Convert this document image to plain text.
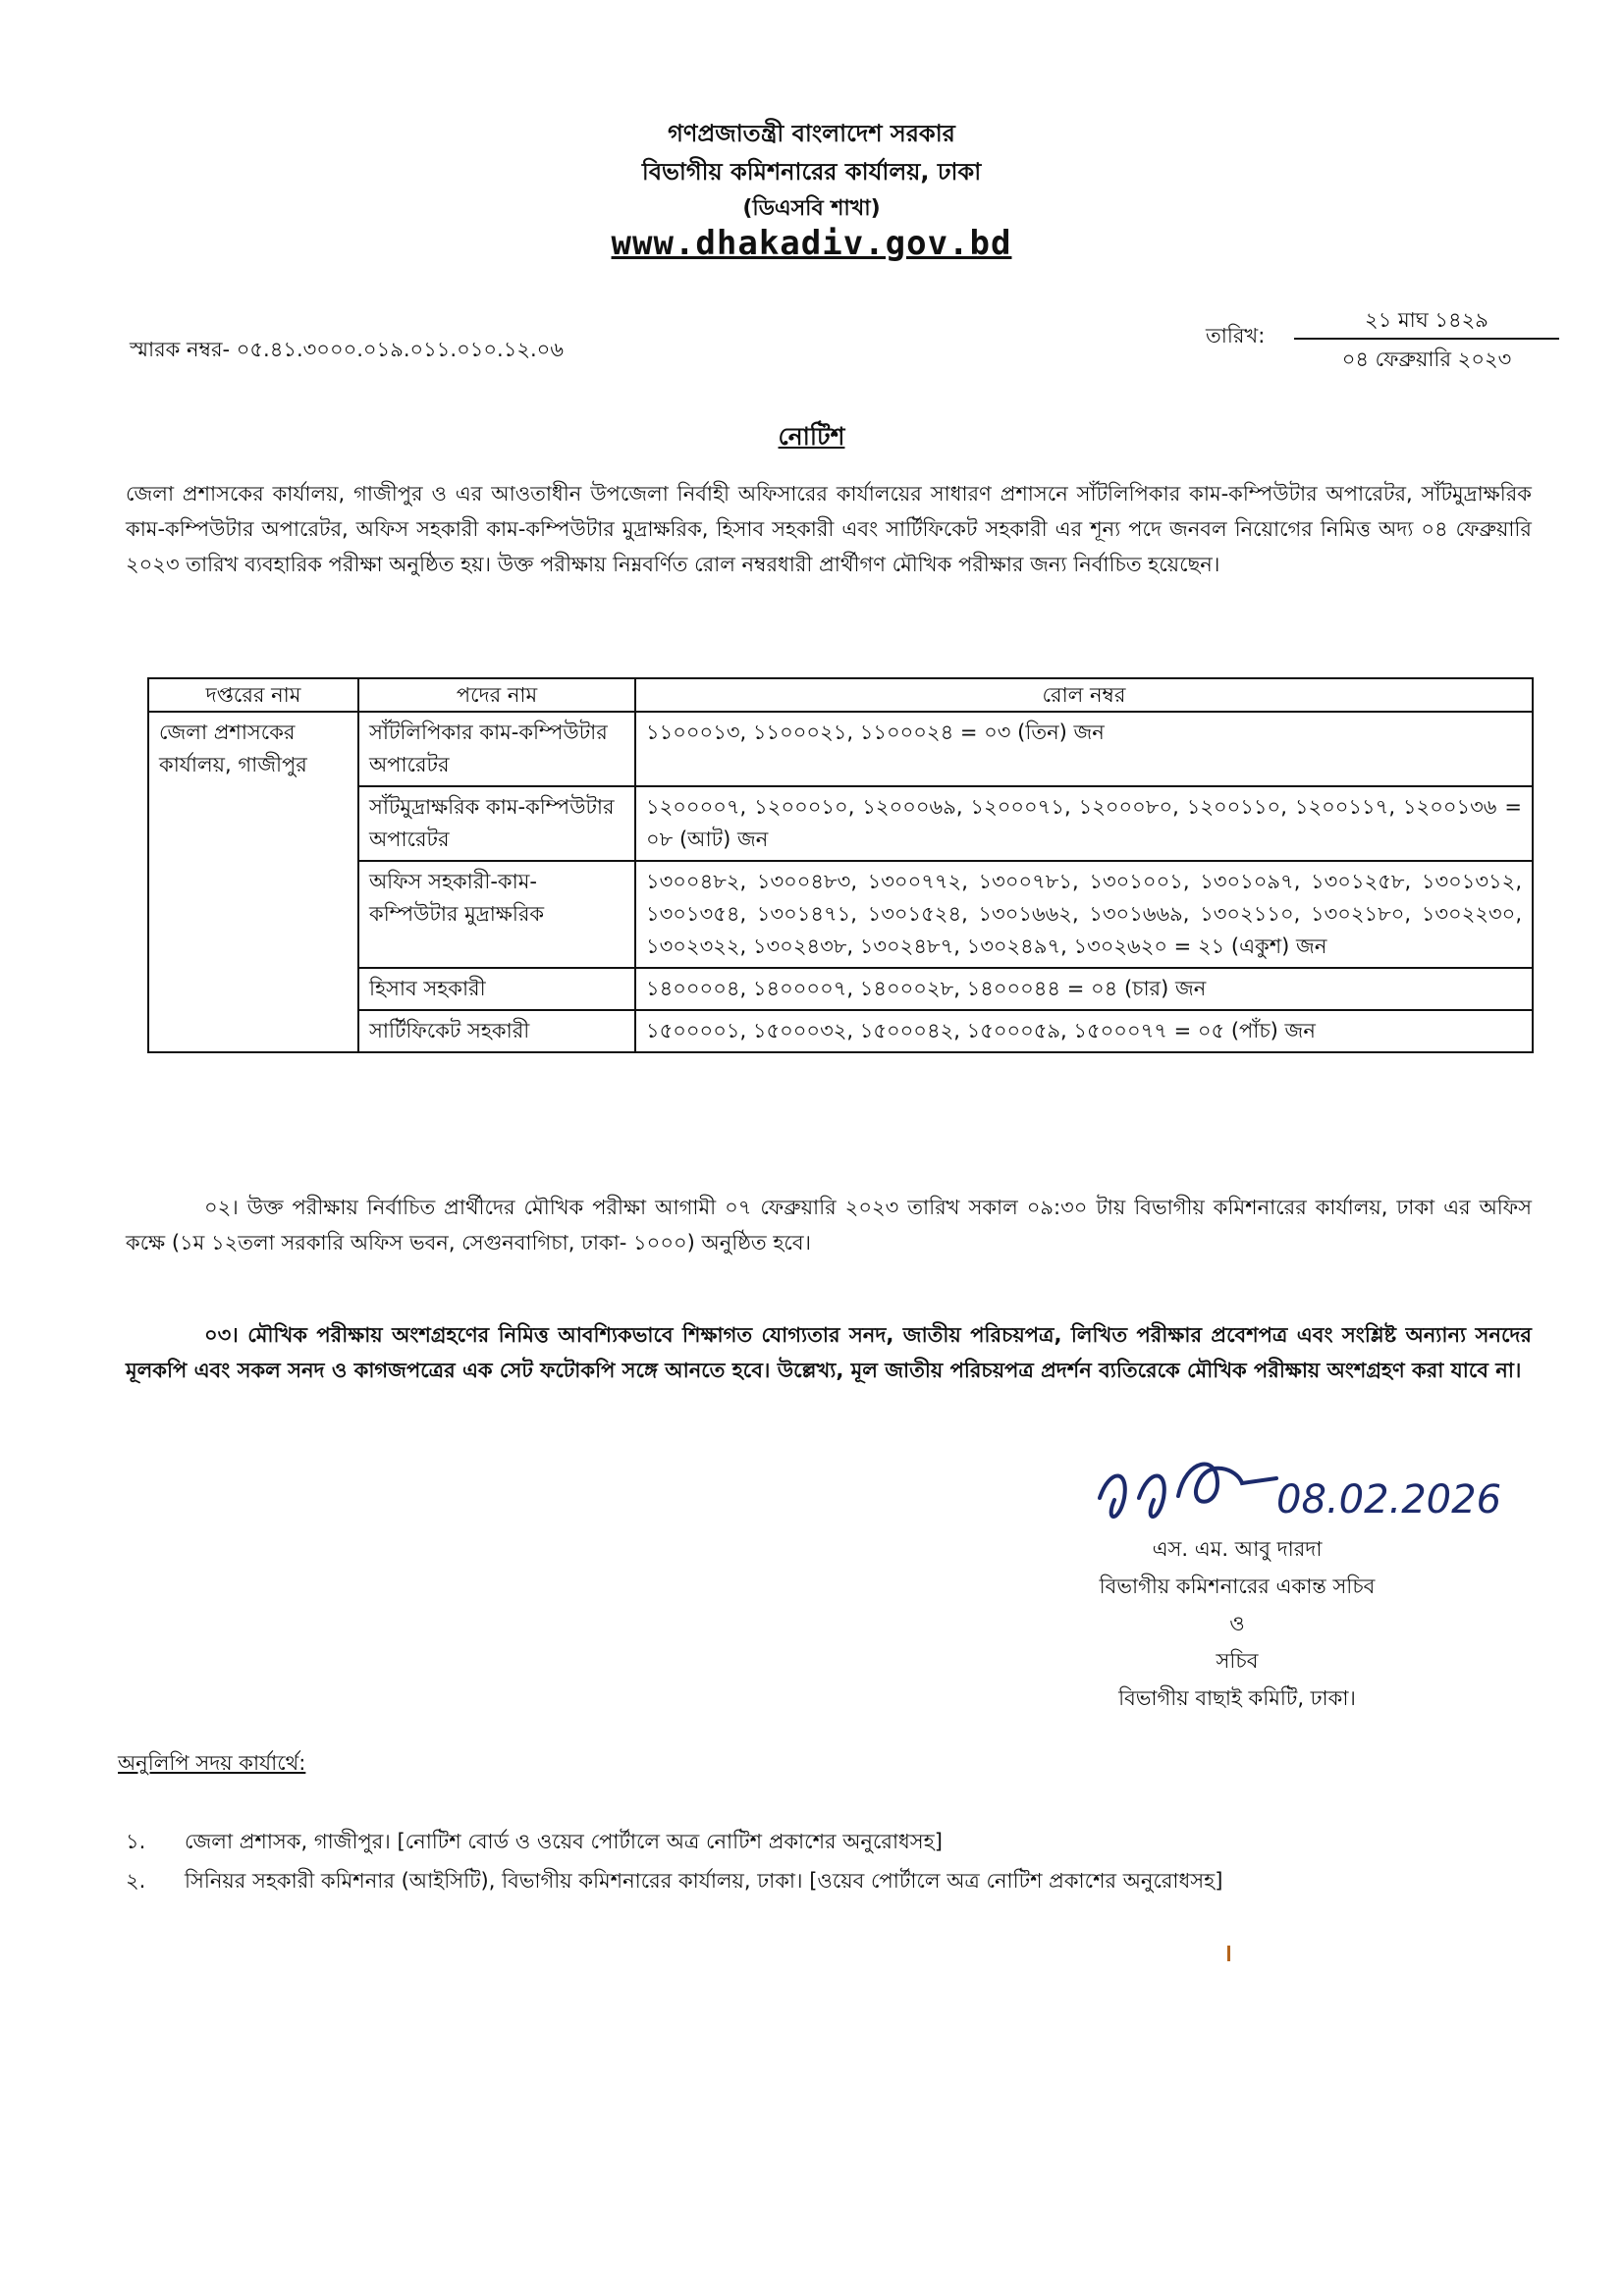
গণপ্রজাতন্ত্রী বাংলাদেশ সরকার
বিভাগীয় কমিশনারের কার্যালয়, ঢাকা
(ডিএসবি শাখা)
www.dhakadiv.gov.bd
স্মারক নম্বর- ০৫.৪১.৩০০০.০১৯.০১১.০১০.১২.০৬
তারিখ:
২১ মাঘ ১৪২৯
০৪ ফেব্রুয়ারি ২০২৩
নোটিশ
জেলা প্রশাসকের কার্যালয়, গাজীপুর ও এর আওতাধীন উপজেলা নির্বাহী অফিসারের কার্যালয়ের সাধারণ প্রশাসনে সাঁটলিপিকার কাম-কম্পিউটার অপারেটর, সাঁটমুদ্রাক্ষরিক কাম-কম্পিউটার অপারেটর, অফিস সহকারী কাম-কম্পিউটার মুদ্রাক্ষরিক, হিসাব সহকারী এবং সার্টিফিকেট সহকারী এর শূন্য পদে জনবল নিয়োগের নিমিত্ত অদ্য ০৪ ফেব্রুয়ারি ২০২৩ তারিখ ব্যবহারিক পরীক্ষা অনুষ্ঠিত হয়। উক্ত পরীক্ষায় নিম্নবর্ণিত রোল নম্বরধারী প্রার্থীগণ মৌখিক পরীক্ষার জন্য নির্বাচিত হয়েছেন।
দপ্তরের নাম	পদের নাম	রোল নম্বর
জেলা প্রশাসকের কার্যালয়, গাজীপুর	সাঁটলিপিকার কাম-কম্পিউটার অপারেটর	১১০০০১৩, ১১০০০২১, ১১০০০২৪ = ০৩ (তিন) জন
	সাঁটমুদ্রাক্ষরিক কাম-কম্পিউটার অপারেটর	১২০০০০৭, ১২০০০১০, ১২০০০৬৯, ১২০০০৭১, ১২০০০৮০, ১২০০১১০, ১২০০১১৭, ১২০০১৩৬ = ০৮ (আট) জন
	অফিস সহকারী-কাম-কম্পিউটার মুদ্রাক্ষরিক	১৩০০৪৮২, ১৩০০৪৮৩, ১৩০০৭৭২, ১৩০০৭৮১, ১৩০১০০১, ১৩০১০৯৭, ১৩০১২৫৮, ১৩০১৩১২, ১৩০১৩৫৪, ১৩০১৪৭১, ১৩০১৫২৪, ১৩০১৬৬২, ১৩০১৬৬৯, ১৩০২১১০, ১৩০২১৮০, ১৩০২২৩০, ১৩০২৩২২, ১৩০২৪৩৮, ১৩০২৪৮৭, ১৩০২৪৯৭, ১৩০২৬২০ = ২১ (একুশ) জন
	হিসাব সহকারী	১৪০০০০৪, ১৪০০০০৭, ১৪০০০২৮, ১৪০০০৪৪ = ০৪ (চার) জন
	সার্টিফিকেট সহকারী	১৫০০০০১, ১৫০০০৩২, ১৫০০০৪২, ১৫০০০৫৯, ১৫০০০৭৭ = ০৫ (পাঁচ) জন
০২। উক্ত পরীক্ষায় নির্বাচিত প্রার্থীদের মৌখিক পরীক্ষা আগামী ০৭ ফেব্রুয়ারি ২০২৩ তারিখ সকাল ০৯:৩০ টায় বিভাগীয় কমিশনারের কার্যালয়, ঢাকা এর অফিস কক্ষে (১ম ১২তলা সরকারি অফিস ভবন, সেগুনবাগিচা, ঢাকা- ১০০০) অনুষ্ঠিত হবে।
০৩। মৌখিক পরীক্ষায় অংশগ্রহণের নিমিত্ত আবশ্যিকভাবে শিক্ষাগত যোগ্যতার সনদ, জাতীয় পরিচয়পত্র, লিখিত পরীক্ষার প্রবেশপত্র এবং সংশ্লিষ্ট অন্যান্য সনদের মূলকপি এবং সকল সনদ ও কাগজপত্রের এক সেট ফটোকপি সঙ্গে আনতে হবে। উল্লেখ্য, মূল জাতীয় পরিচয়পত্র প্রদর্শন ব্যতিরেকে মৌখিক পরীক্ষায় অংশগ্রহণ করা যাবে না।
08.02.2026
এস. এম. আবু দারদা
বিভাগীয় কমিশনারের একান্ত সচিব
ও
সচিব
বিভাগীয় বাছাই কমিটি, ঢাকা।
অনুলিপি সদয় কার্যার্থে:
১. জেলা প্রশাসক, গাজীপুর। [নোটিশ বোর্ড ও ওয়েব পোর্টালে অত্র নোটিশ প্রকাশের অনুরোধসহ]
২. সিনিয়র সহকারী কমিশনার (আইসিটি), বিভাগীয় কমিশনারের কার্যালয়, ঢাকা। [ওয়েব পোর্টালে অত্র নোটিশ প্রকাশের অনুরোধসহ]
